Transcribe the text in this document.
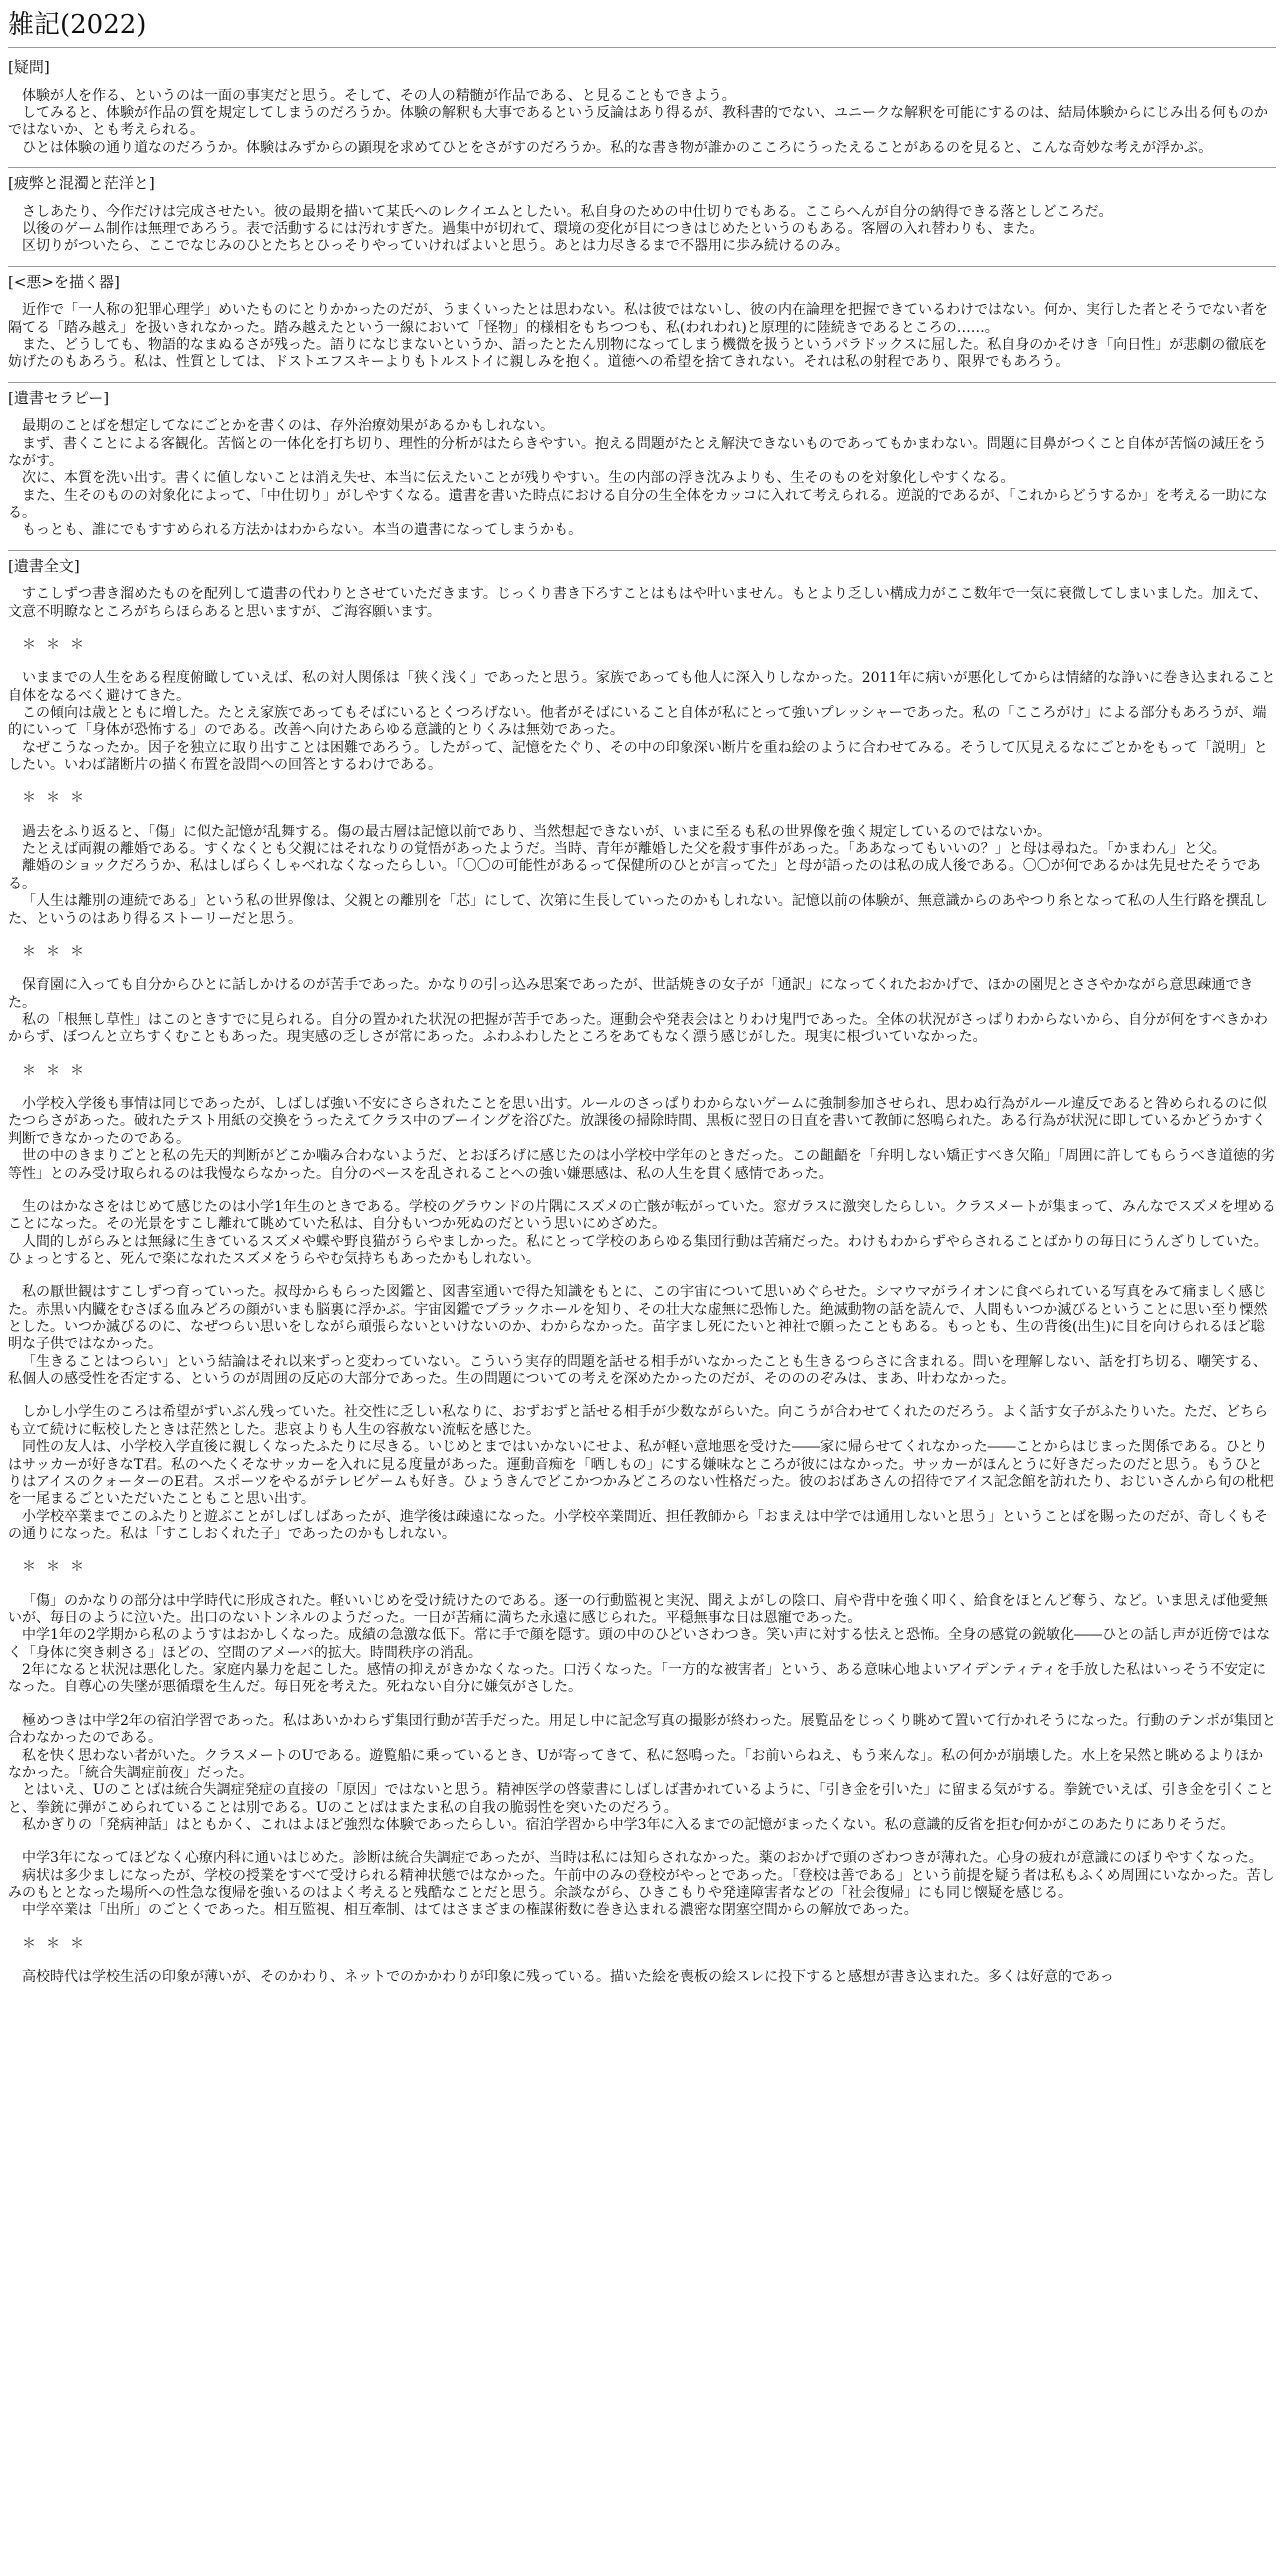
雑記(2022)
[疑問]

体験が人を作る、というのは一面の事実だと思う。そして、その人の精髄が作品である、と見ることもできよう。

してみると、体験が作品の質を規定してしまうのだろうか。体験の解釈も大事であるという反論はあり得るが、教科書的でない、ユニークな解釈を可能にするのは、結局体験からにじみ出る何ものかではないか、とも考えられる。

ひとは体験の通り道なのだろうか。体験はみずからの顕現を求めてひとをさがすのだろうか。私的な書き物が誰かのこころにうったえることがあるのを見ると、こんな奇妙な考えが浮かぶ。

[疲弊と混濁と茫洋と]

さしあたり、今作だけは完成させたい。彼の最期を描いて某氏へのレクイエムとしたい。私自身のための中仕切りでもある。ここらへんが自分の納得できる落としどころだ。

以後のゲーム制作は無理であろう。表で活動するには汚れすぎた。過集中が切れて、環境の変化が目につきはじめたというのもある。客層の入れ替わりも、また。

区切りがついたら、ここでなじみのひとたちとひっそりやっていければよいと思う。あとは力尽きるまで不器用に歩み続けるのみ。

[<悪>を描く器]

近作で「一人称の犯罪心理学」めいたものにとりかかったのだが、うまくいったとは思わない。私は彼ではないし、彼の内在論理を把握できているわけではない。何か、実行した者とそうでない者を隔てる「踏み越え」を扱いきれなかった。踏み越えたという一線において「怪物」的様相をもちつつも、私(われわれ)と原理的に陸続きであるところの……。

また、どうしても、物語的なまぬるさが残った。語りになじまないというか、語ったとたん別物になってしまう機微を扱うというパラドックスに屈した。私自身のかそけき「向日性」が悲劇の徹底を妨げたのもあろう。私は、性質としては、ドストエフスキーよりもトルストイに親しみを抱く。道徳への希望を捨てきれない。それは私の射程であり、限界でもあろう。

[遺書セラピー]

最期のことばを想定してなにごとかを書くのは、存外治療効果があるかもしれない。

まず、書くことによる客観化。苦悩との一体化を打ち切り、理性的分析がはたらきやすい。抱える問題がたとえ解決できないものであってもかまわない。問題に目鼻がつくこと自体が苦悩の減圧をうながす。

次に、本質を洗い出す。書くに値しないことは消え失せ、本当に伝えたいことが残りやすい。生の内部の浮き沈みよりも、生そのものを対象化しやすくなる。

また、生そのものの対象化によって、「中仕切り」がしやすくなる。遺書を書いた時点における自分の生全体をカッコに入れて考えられる。逆説的であるが、「これからどうするか」を考える一助になる。

もっとも、誰にでもすすめられる方法かはわからない。本当の遺書になってしまうかも。

[遺書全文]

すこしずつ書き溜めたものを配列して遺書の代わりとさせていただきます。じっくり書き下ろすことはもはや叶いません。もとより乏しい構成力がここ数年で一気に衰微してしまいました。加えて、文意不明瞭なところがちらほらあると思いますが、ご海容願います。

＊＊＊

いままでの人生をある程度俯瞰していえば、私の対人関係は「狭く浅く」であったと思う。家族であっても他人に深入りしなかった。2011年に病いが悪化してからは情緒的な諍いに巻き込まれること自体をなるべく避けてきた。

この傾向は歳とともに増した。たとえ家族であってもそばにいるとくつろげない。他者がそばにいること自体が私にとって強いプレッシャーであった。私の「こころがけ」による部分もあろうが、端的にいって「身体が恐怖する」のである。改善へ向けたあらゆる意識的とりくみは無効であった。

なぜこうなったか。因子を独立に取り出すことは困難であろう。したがって、記憶をたぐり、その中の印象深い断片を重ね絵のように合わせてみる。そうして仄見えるなにごとかをもって「説明」としたい。いわば諸断片の描く布置を設問への回答とするわけである。

＊＊＊

過去をふり返ると、「傷」に似た記憶が乱舞する。傷の最古層は記憶以前であり、当然想起できないが、いまに至るも私の世界像を強く規定しているのではないか。

たとえば両親の離婚である。すくなくとも父親にはそれなりの覚悟があったようだ。当時、青年が離婚した父を殺す事件があった。「ああなってもいいの？」と母は尋ねた。「かまわん」と父。

離婚のショックだろうか、私はしばらくしゃべれなくなったらしい。「〇〇の可能性があるって保健所のひとが言ってた」と母が語ったのは私の成人後である。〇〇が何であるかは先見せたそうである。

「人生は離別の連続である」という私の世界像は、父親との離別を「芯」にして、次第に生長していったのかもしれない。記憶以前の体験が、無意識からのあやつり糸となって私の人生行路を撰乱した、というのはあり得るストーリーだと思う。

＊＊＊

保育園に入っても自分からひとに話しかけるのが苦手であった。かなりの引っ込み思案であったが、世話焼きの女子が「通訳」になってくれたおかげで、ほかの園児とささやかながら意思疎通できた。

私の「根無し草性」はこのときすでに見られる。自分の置かれた状況の把握が苦手であった。運動会や発表会はとりわけ鬼門であった。全体の状況がさっぱりわからないから、自分が何をすべきかわからず、ぼつんと立ちすくむこともあった。現実感の乏しさが常にあった。ふわふわしたところをあてもなく漂う感じがした。現実に根づいていなかった。

＊＊＊

小学校入学後も事情は同じであったが、しばしば強い不安にさらされたことを思い出す。ルールのさっぱりわからないゲームに強制参加させられ、思わぬ行為がルール違反であると咎められるのに似たつらさがあった。破れたテスト用紙の交換をうったえてクラス中のブーイングを浴びた。放課後の掃除時間、黒板に翌日の日直を書いて教師に怒鳴られた。ある行為が状況に即しているかどうかすく判断できなかったのである。

世の中のきまりごとと私の先天的判断がどこか噛み合わないようだ、とおぼろげに感じたのは小学校中学年のときだった。この齟齬を「弁明しない矯正すべき欠陥」「周囲に許してもらうべき道徳的劣等性」とのみ受け取られるのは我慢ならなかった。自分のペースを乱されることへの強い嫌悪感は、私の人生を貫く感情であった。

生のはかなさをはじめて感じたのは小学1年生のときである。学校のグラウンドの片隅にスズメの亡骸が転がっていた。窓ガラスに激突したらしい。クラスメートが集まって、みんなでスズメを埋めることになった。その光景をすこし離れて眺めていた私は、自分もいつか死ぬのだという思いにめざめた。

人間的しがらみとは無縁に生きているスズメや蝶や野良猫がうらやましかった。私にとって学校のあらゆる集団行動は苦痛だった。わけもわからずやらされることばかりの毎日にうんざりしていた。ひょっとすると、死んで楽になれたスズメをうらやむ気持ちもあったかもしれない。

私の厭世観はすこしずつ育っていった。叔母からもらった図鑑と、図書室通いで得た知識をもとに、この宇宙について思いめぐらせた。シマウマがライオンに食べられている写真をみて痛ましく感じた。赤黒い内臓をむさぼる血みどろの顔がいまも脳裏に浮かぶ。宇宙図鑑でブラックホールを知り、その壮大な虚無に恐怖した。絶滅動物の話を読んで、人間もいつか滅びるということに思い至り慄然とした。いつか滅びるのに、なぜつらい思いをしながら頑張らないといけないのか、わからなかった。苗字まし死にたいと神社で願ったこともある。もっとも、生の背後(出生)に目を向けられるほど聡明な子供ではなかった。

「生きることはつらい」という結論はそれ以来ずっと変わっていない。こういう実存的問題を話せる相手がいなかったことも生きるつらさに含まれる。問いを理解しない、話を打ち切る、嘲笑する、私個人の感受性を否定する、というのが周囲の反応の大部分であった。生の問題についての考えを深めたかったのだが、そのののぞみは、まあ、叶わなかった。

しかし小学生のころは希望がずいぶん残っていた。社交性に乏しい私なりに、おずおずと話せる相手が少数ながらいた。向こうが合わせてくれたのだろう。よく話す女子がふたりいた。ただ、どちらも立て続けに転校したときは茫然とした。悲哀よりも人生の容赦ない流転を感じた。

同性の友人は、小学校入学直後に親しくなったふたりに尽きる。いじめとまではいかないにせよ、私が軽い意地悪を受けた――家に帰らせてくれなかった――ことからはじまった関係である。ひとりはサッカーが好きなT君。私のへたくそなサッカーを入れに見る度量があった。運動音痴を「晒しもの」にする嫌味なところが彼にはなかった。サッカーがほんとうに好きだったのだと思う。もうひとりはアイスのクォーターのE君。スポーツをやるがテレビゲームも好き。ひょうきんでどこかつかみどころのない性格だった。彼のおばあさんの招待でアイス記念館を訪れたり、おじいさんから旬の枇杷を一尾まるごといただいたこともこと思い出す。

小学校卒業までこのふたりと遊ぶことがしばしばあったが、進学後は疎遠になった。小学校卒業間近、担任教師から「おまえは中学では通用しないと思う」ということばを賜ったのだが、奇しくもその通りになった。私は「すこしおくれた子」であったのかもしれない。

＊＊＊

「傷」のかなりの部分は中学時代に形成された。軽いいじめを受け続けたのである。逐一の行動監視と実況、聞えよがしの陰口、肩や背中を強く叩く、給食をほとんど奪う、など。いま思えば他愛無いが、毎日のように泣いた。出口のないトンネルのようだった。一日が苦痛に満ちた永遠に感じられた。平穏無事な日は恩寵であった。

中学1年の2学期から私のようすはおかしくなった。成績の急激な低下。常に手で顔を隠す。頭の中のひどいさわつき。笑い声に対する怯えと恐怖。全身の感覚の鋭敏化――ひとの話し声が近傍ではなく「身体に突き刺さる」ほどの、空間のアメーバ的拡大。時間秩序の消乱。

2年になると状況は悪化した。家庭内暴力を起こした。感情の抑えがきかなくなった。口汚くなった。「一方的な被害者」という、ある意味心地よいアイデンティティを手放した私はいっそう不安定になった。自尊心の失墜が悪循環を生んだ。毎日死を考えた。死ねない自分に嫌気がさした。

極めつきは中学2年の宿泊学習であった。私はあいかわらず集団行動が苦手だった。用足し中に記念写真の撮影が終わった。展覧品をじっくり眺めて置いて行かれそうになった。行動のテンポが集団と合わなかったのである。

私を快く思わない者がいた。クラスメートのUである。遊覧船に乗っているとき、Uが寄ってきて、私に怒鳴った。「お前いらねえ、もう来んな」。私の何かが崩壊した。水上を呆然と眺めるよりほかなかった。「統合失調症前夜」だった。

とはいえ、Uのことばは統合失調症発症の直接の「原因」ではないと思う。精神医学の啓蒙書にしばしば書かれているように、「引き金を引いた」に留まる気がする。拳銃でいえば、引き金を引くことと、拳銃に弾がこめられていることは別である。Uのことばはまたま私の自我の脆弱性を突いたのだろう。

私かぎりの「発病神話」はともかく、これはよほど強烈な体験であったらしい。宿泊学習から中学3年に入るまでの記憶がまったくない。私の意識的反省を拒む何かがこのあたりにありそうだ。

中学3年になってほどなく心療内科に通いはじめた。診断は統合失調症であったが、当時は私には知らされなかった。薬のおかげで頭のざわつきが薄れた。心身の疲れが意識にのぼりやすくなった。

病状は多少ましになったが、学校の授業をすべて受けられる精神状態ではなかった。午前中のみの登校がやっとであった。「登校は善である」という前提を疑う者は私もふくめ周囲にいなかった。苦しみのもととなった場所への性急な復帰を強いるのはよく考えると残酷なことだと思う。余談ながら、ひきこもりや発達障害者などの「社会復帰」にも同じ懐疑を感じる。

中学卒業は「出所」のごとくであった。相互監視、相互牽制、はてはさまざまの権謀術数に巻き込まれる濃密な閉塞空間からの解放であった。

＊＊＊

高校時代は学校生活の印象が薄いが、そのかわり、ネットでのかかわりが印象に残っている。描いた絵を喪板の絵スレに投下すると感想が書き込まれた。多くは好意的であっ
